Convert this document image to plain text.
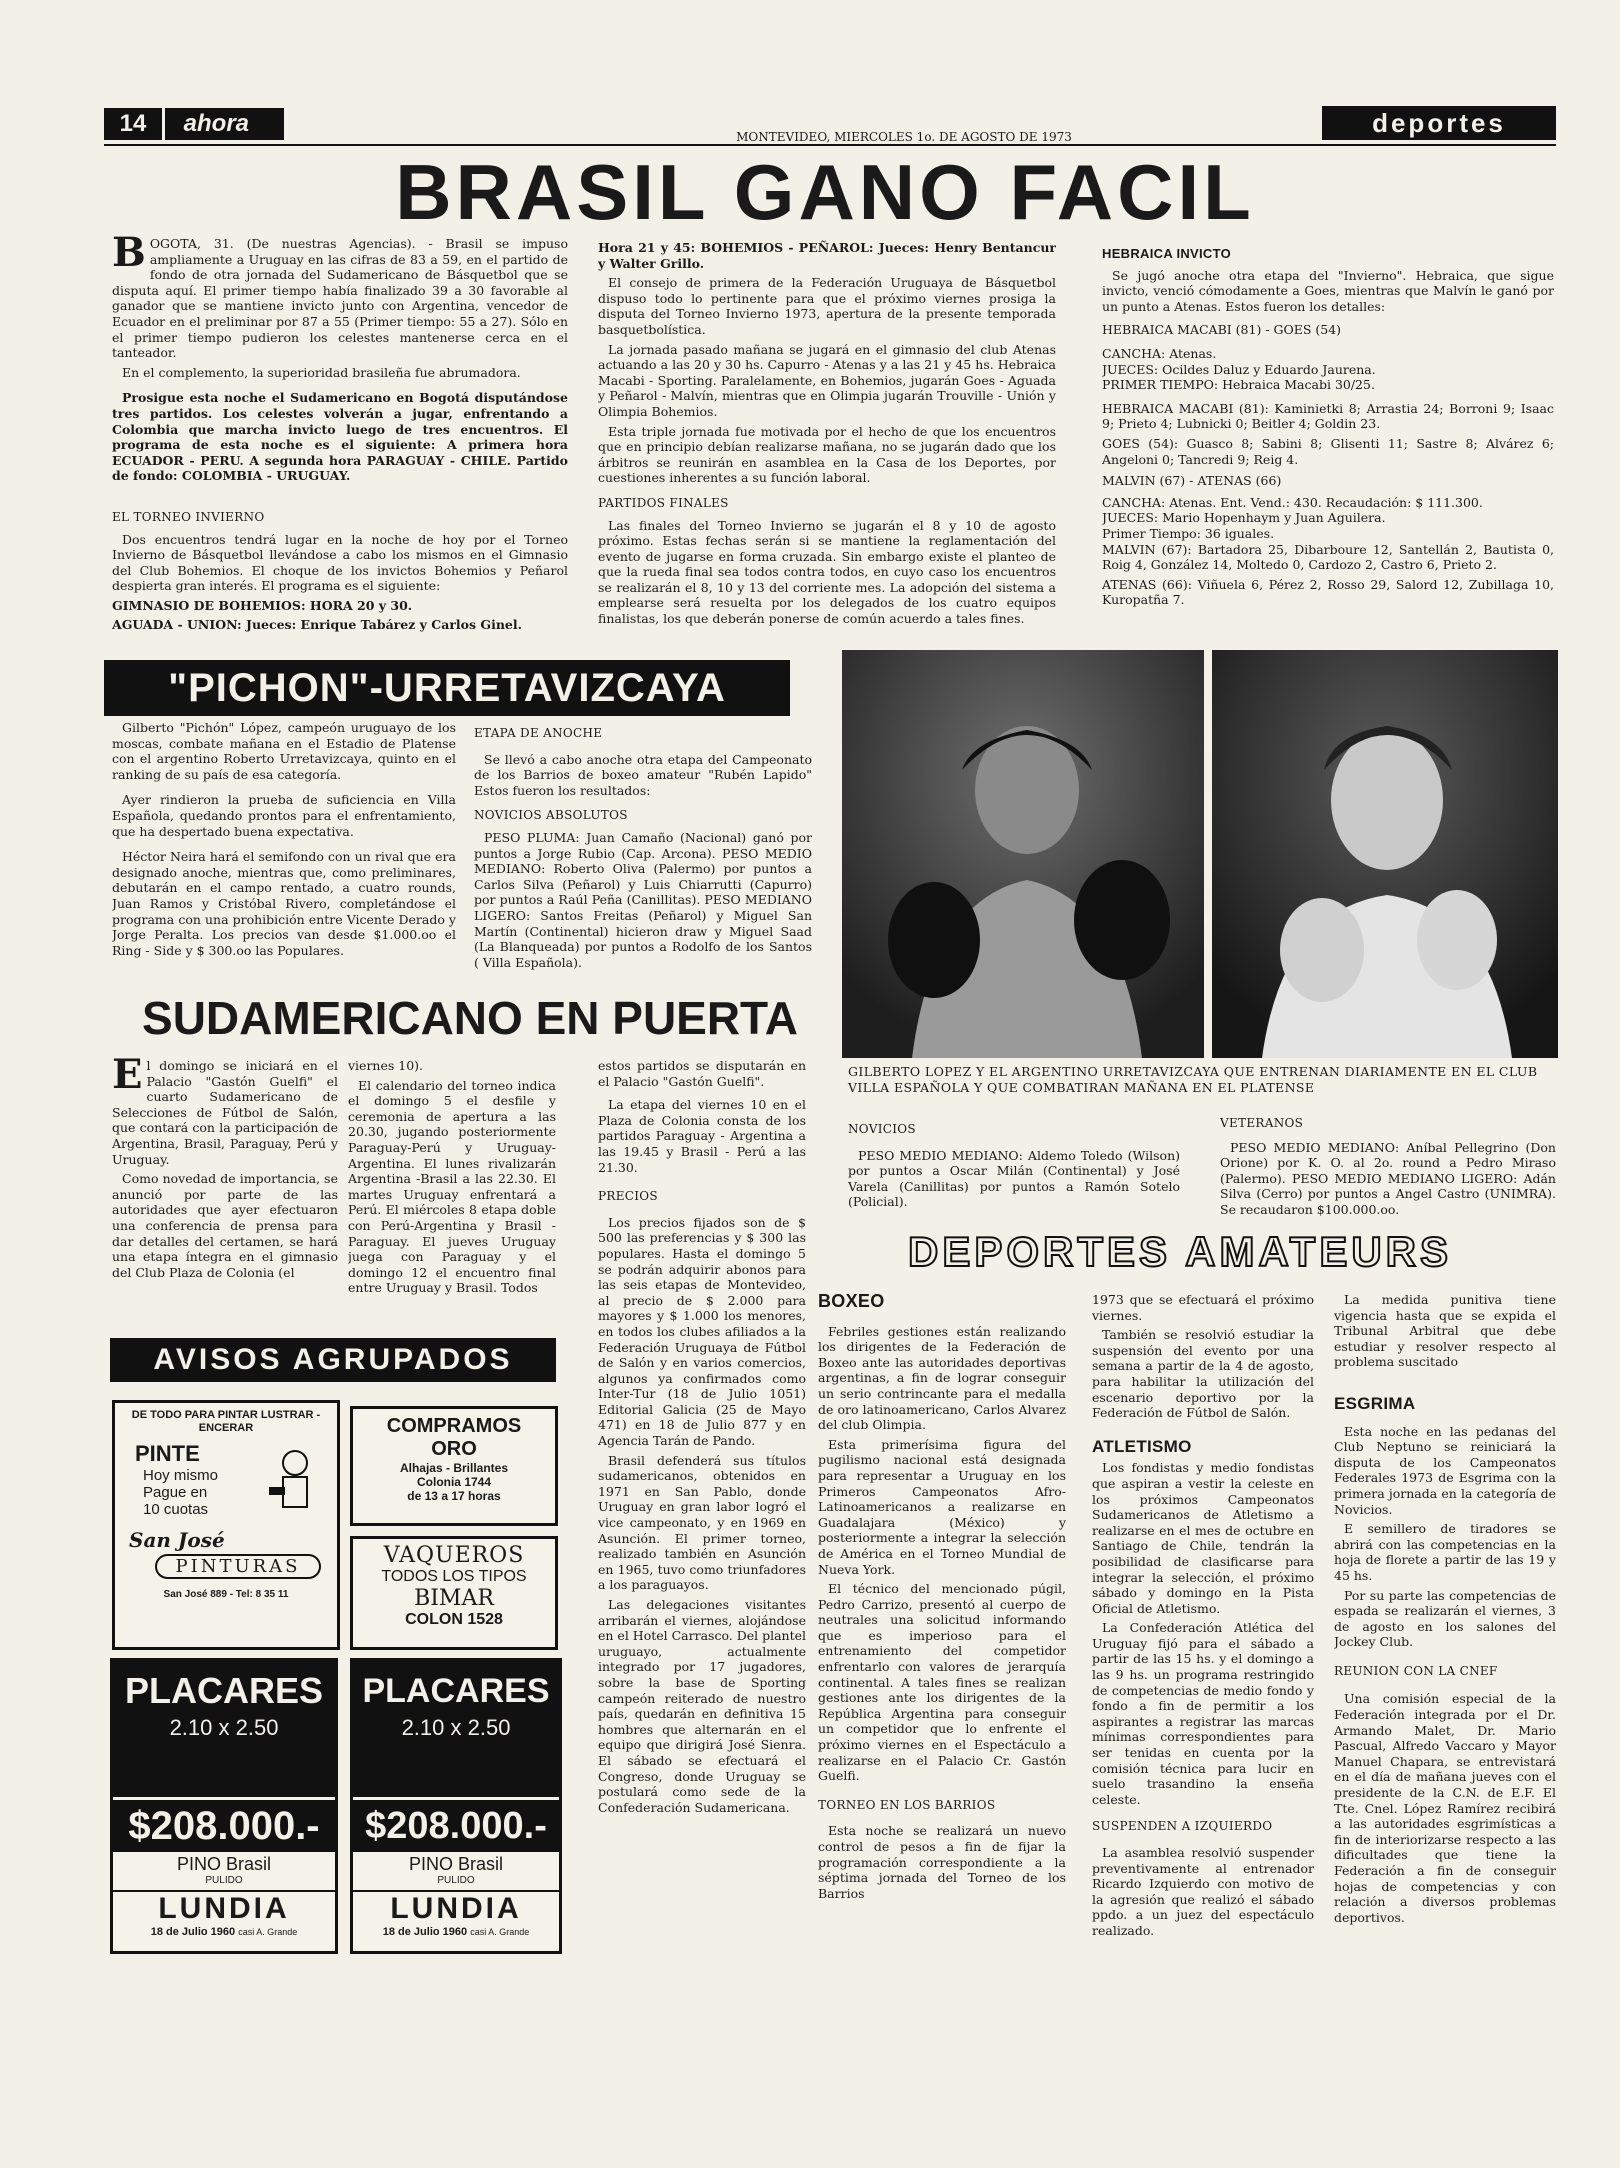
14 ahora	MONTEVIDEO, MIERCOLES 1o. DE AGOSTO DE 1973	deportes
BRASIL GANO FACIL

BOGOTA, 31. (De nuestras Agencias). - Brasil se impuso ampliamente a Uruguay en las cifras de 83 a 59, en el partido de fondo de otra jornada del Sudamericano de Básquetbol que se disputa aquí. El primer tiempo había finalizado 39 a 30 favorable al ganador que se mantiene invicto junto con Argentina, vencedor de Ecuador en el preliminar por 87 a 55 (Primer tiempo: 55 a 27). Sólo en el primer tiempo pudieron los celestes mantenerse cerca en el tanteador.

En el complemento, la superioridad brasileña fue abrumadora.

Prosigue esta noche el Sudamericano en Bogotá disputándose tres partidos. Los celestes volverán a jugar, enfrentando a Colombia que marcha invicto luego de tres encuentros. El programa de esta noche es el siguiente: A primera hora ECUADOR - PERU. A segunda hora PARAGUAY - CHILE. Partido de fondo: COLOMBIA - URUGUAY.

EL TORNEO INVIERNO

Dos encuentros tendrá lugar en la noche de hoy por el Torneo Invierno de Básquetbol llevándose a cabo los mismos en el Gimnasio del Club Bohemios. El choque de los invictos Bohemios y Peñarol despierta gran interés. El programa es el siguiente:

GIMNASIO DE BOHEMIOS: HORA 20 y 30.

AGUADA - UNION: Jueces: Enrique Tabárez y Carlos Ginel.

Hora 21 y 45: BOHEMIOS - PEÑAROL: Jueces: Henry Bentancur y Walter Grillo.

El consejo de primera de la Federación Uruguaya de Básquetbol dispuso todo lo pertinente para que el próximo viernes prosiga la disputa del Torneo Invierno 1973, apertura de la presente temporada basquetbolística.

La jornada pasado mañana se jugará en el gimnasio del club Atenas actuando a las 20 y 30 hs. Capurro - Atenas y a las 21 y 45 hs. Hebraica Macabi - Sporting. Paralelamente, en Bohemios, jugarán Goes - Aguada y Peñarol - Malvín, mientras que en Olimpia jugarán Trouville - Unión y Olimpia Bohemios.

Esta triple jornada fue motivada por el hecho de que los encuentros que en principio debían realizarse mañana, no se jugarán dado que los árbitros se reunirán en asamblea en la Casa de los Deportes, por cuestiones inherentes a su función laboral.

PARTIDOS FINALES

Las finales del Torneo Invierno se jugarán el 8 y 10 de agosto próximo. Estas fechas serán si se mantiene la reglamentación del evento de jugarse en forma cruzada. Sin embargo existe el planteo de que la rueda final sea todos contra todos, en cuyo caso los encuentros se realizarán el 8, 10 y 13 del corriente mes. La adopción del sistema a emplearse será resuelta por los delegados de los cuatro equipos finalistas, los que deberán ponerse de común acuerdo a tales fines.

HEBRAICA INVICTO

Se jugó anoche otra etapa del "Invierno". Hebraica, que sigue invicto, venció cómodamente a Goes, mientras que Malvín le ganó por un punto a Atenas. Estos fueron los detalles:

HEBRAICA MACABI (81) - GOES (54)

CANCHA: Atenas.

JUECES: Ocildes Daluz y Eduardo Jaurena.

PRIMER TIEMPO: Hebraica Macabi 30/25.

HEBRAICA MACABI (81): Kaminietki 8; Arrastia 24; Borroni 9; Isaac 9; Prieto 4; Lubnicki 0; Beitler 4; Goldin 23.

GOES (54): Guasco 8; Sabini 8; Glisenti 11; Sastre 8; Alvárez 6; Angeloni 0; Tancredi 9; Reig 4.

MALVIN (67) - ATENAS (66)

CANCHA: Atenas. Ent. Vend.: 430. Recaudación: $ 111.300.

JUECES: Mario Hopenhaym y Juan Aguilera.

Primer Tiempo: 36 iguales.

MALVIN (67): Bartadora 25, Dibarboure 12, Santellán 2, Bautista 0, Roig 4, González 14, Moltedo 0, Cardozo 2, Castro 6, Prieto 2.

ATENAS (66): Viñuela 6, Pérez 2, Rosso 29, Salord 12, Zubillaga 10, Kuropatña 7.

"PICHON"-URRETAVIZCAYA
GILBERTO LOPEZ Y EL ARGENTINO URRETAVIZCAYA QUE ENTRENAN DIARIAMENTE EN EL CLUB VILLA ESPAÑOLA Y QUE COMBATIRAN MAÑANA EN EL PLATENSE

Gilberto "Pichón" López, campeón uruguayo de los moscas, combate mañana en el Estadio de Platense con el argentino Roberto Urretavizcaya, quinto en el ranking de su país de esa categoría.

Ayer rindieron la prueba de suficiencia en Villa Española, quedando prontos para el enfrentamiento, que ha despertado buena expectativa.

Héctor Neira hará el semifondo con un rival que era designado anoche, mientras que, como preliminares, debutarán en el campo rentado, a cuatro rounds, Juan Ramos y Cristóbal Rivero, completándose el programa con una prohibición entre Vicente Derado y Jorge Peralta. Los precios van desde $1.000.oo el Ring - Side y $ 300.oo las Populares.

ETAPA DE ANOCHE

Se llevó a cabo anoche otra etapa del Campeonato de los Barrios de boxeo amateur "Rubén Lapido" Estos fueron los resultados:

NOVICIOS ABSOLUTOS

PESO PLUMA: Juan Camaño (Nacional) ganó por puntos a Jorge Rubio (Cap. Arcona). PESO MEDIO MEDIANO: Roberto Oliva (Palermo) por puntos a Carlos Silva (Peñarol) y Luis Chiarrutti (Capurro) por puntos a Raúl Peña (Canillitas). PESO MEDIANO LIGERO: Santos Freitas (Peñarol) y Miguel San Martín (Continental) hicieron draw y Miguel Saad (La Blanqueada) por puntos a Rodolfo de los Santos ( Villa Española).

SUDAMERICANO EN PUERTA

El domingo se iniciará en el Palacio "Gastón Guelfi" el cuarto Sudamericano de Selecciones de Fútbol de Salón, que contará con la participación de Argentina, Brasil, Paraguay, Perú y Uruguay.

Como novedad de importancia, se anunció por parte de las autoridades que ayer efectuaron una conferencia de prensa para dar detalles del certamen, se hará una etapa íntegra en el gimnasio del Club Plaza de Colonia (el

viernes 10).

El calendario del torneo indica el domingo 5 el desfile y ceremonia de apertura a las 20.30, jugando posteriormente Paraguay-Perú y Uruguay-Argentina. El lunes rivalizarán Argentina -Brasil a las 22.30. El martes Uruguay enfrentará a Perú. El miércoles 8 etapa doble con Perú-Argentina y Brasil - Paraguay. El jueves Uruguay juega con Paraguay y el domingo 12 el encuentro final entre Uruguay y Brasil. Todos

estos partidos se disputarán en el Palacio "Gastón Guelfi".

La etapa del viernes 10 en el Plaza de Colonia consta de los partidos Paraguay - Argentina a las 19.45 y Brasil - Perú a las 21.30.

PRECIOS

Los precios fijados son de $ 500 las preferencias y $ 300 las populares. Hasta el domingo 5 se podrán adquirir abonos para las seis etapas de Montevideo, al precio de $ 2.000 para mayores y $ 1.000 los menores, en todos los clubes afiliados a la Federación Uruguaya de Fútbol de Salón y en varios comercios, algunos ya confirmados como Inter-Tur (18 de Julio 1051) Editorial Galicia (25 de Mayo 471) en 18 de Julio 877 y en Agencia Tarán de Pando.

Brasil defenderá sus títulos sudamericanos, obtenidos en 1971 en San Pablo, donde Uruguay en gran labor logró el vice campeonato, y en 1969 en Asunción. El primer torneo, realizado también en Asunción en 1965, tuvo como triunfadores a los paraguayos.

Las delegaciones visitantes arribarán el viernes, alojándose en el Hotel Carrasco. Del plantel uruguayo, actualmente integrado por 17 jugadores, sobre la base de Sporting campeón reiterado de nuestro país, quedarán en definitiva 15 hombres que alternarán en el equipo que dirigirá José Sienra. El sábado se efectuará el Congreso, donde Uruguay se postulará como sede de la Confederación Sudamericana.

NOVICIOS

PESO MEDIO MEDIANO: Aldemo Toledo (Wilson) por puntos a Oscar Milán (Continental) y José Varela (Canillitas) por puntos a Ramón Sotelo (Policial).

VETERANOS

PESO MEDIO MEDIANO: Aníbal Pellegrino (Don Orione) por K. O. al 2o. round a Pedro Miraso (Palermo). PESO MEDIO MEDIANO LIGERO: Adán Silva (Cerro) por puntos a Angel Castro (UNIMRA). Se recaudaron $100.000.oo.

AVISOS AGRUPADOS
DE TODO PARA PINTAR LUSTRAR - ENCERAR
PINTE
Hoy mismo
Pague en
10 cuotas
San José
PINTURAS
San José 889 - Tel: 8 35 11
COMPRAMOS
ORO
Alhajas - Brillantes
Colonia 1744
de 13 a 17 horas
VAQUEROS
TODOS LOS TIPOS
BIMAR
COLON 1528
PLACARES
2.10 x 2.50
$208.000.-
PINO Brasil
PULIDO
LUNDIA
18 de Julio 1960 casi A. Grande
PLACARES
2.10 x 2.50
$208.000.-
PINO Brasil
PULIDO
LUNDIA
18 de Julio 1960 casi A. Grande
DEPORTES AMATEURS
BOXEO

Febriles gestiones están realizando los dirigentes de la Federación de Boxeo ante las autoridades deportivas argentinas, a fin de lograr conseguir un serio contrincante para el medalla de oro latinoamericano, Carlos Alvarez del club Olimpia.

Esta primerísima figura del pugilismo nacional está designada para representar a Uruguay en los Primeros Campeonatos Afro-Latinoamericanos a realizarse en Guadalajara (México) y posteriormente a integrar la selección de América en el Torneo Mundial de Nueva York.

El técnico del mencionado púgil, Pedro Carrizo, presentó al cuerpo de neutrales una solicitud informando que es imperioso para el entrenamiento del competidor enfrentarlo con valores de jerarquía continental. A tales fines se realizan gestiones ante los dirigentes de la República Argentina para conseguir un competidor que lo enfrente el próximo viernes en el Espectáculo a realizarse en el Palacio Cr. Gastón Guelfi.

TORNEO EN LOS BARRIOS

Esta noche se realizará un nuevo control de pesos a fin de fijar la programación correspondiente a la séptima jornada del Torneo de los Barrios

1973 que se efectuará el próximo viernes.

También se resolvió estudiar la suspensión del evento por una semana a partir de la 4 de agosto, para habilitar la utilización del escenario deportivo por la Federación de Fútbol de Salón.

ATLETISMO

Los fondistas y medio fondistas que aspiran a vestir la celeste en los próximos Campeonatos Sudamericanos de Atletismo a realizarse en el mes de octubre en Santiago de Chile, tendrán la posibilidad de clasificarse para integrar la selección, el próximo sábado y domingo en la Pista Oficial de Atletismo.

La Confederación Atlética del Uruguay fijó para el sábado a partir de las 15 hs. y el domingo a las 9 hs. un programa restringido de competencias de medio fondo y fondo a fin de permitir a los aspirantes a registrar las marcas mínimas correspondientes para ser tenidas en cuenta por la comisión técnica para lucir en suelo trasandino la enseña celeste.

SUSPENDEN A IZQUIERDO

La asamblea resolvió suspender preventivamente al entrenador Ricardo Izquierdo con motivo de la agresión que realizó el sábado ppdo. a un juez del espectáculo realizado.

La medida punitiva tiene vigencia hasta que se expida el Tribunal Arbitral que debe estudiar y resolver respecto al problema suscitado

ESGRIMA

Esta noche en las pedanas del Club Neptuno se reiniciará la disputa de los Campeonatos Federales 1973 de Esgrima con la primera jornada en la categoría de Novicios.

E semillero de tiradores se abrirá con las competencias en la hoja de florete a partir de las 19 y 45 hs.

Por su parte las competencias de espada se realizarán el viernes, 3 de agosto en los salones del Jockey Club.

REUNION CON LA CNEF

Una comisión especial de la Federación integrada por el Dr. Armando Malet, Dr. Mario Pascual, Alfredo Vaccaro y Mayor Manuel Chapara, se entrevistará en el día de mañana jueves con el presidente de la C.N. de E.F. El Tte. Cnel. López Ramírez recibirá a las autoridades esgrimísticas a fin de interiorizarse respecto a las dificultades que tiene la Federación a fin de conseguir hojas de competencias y con relación a diversos problemas deportivos.
